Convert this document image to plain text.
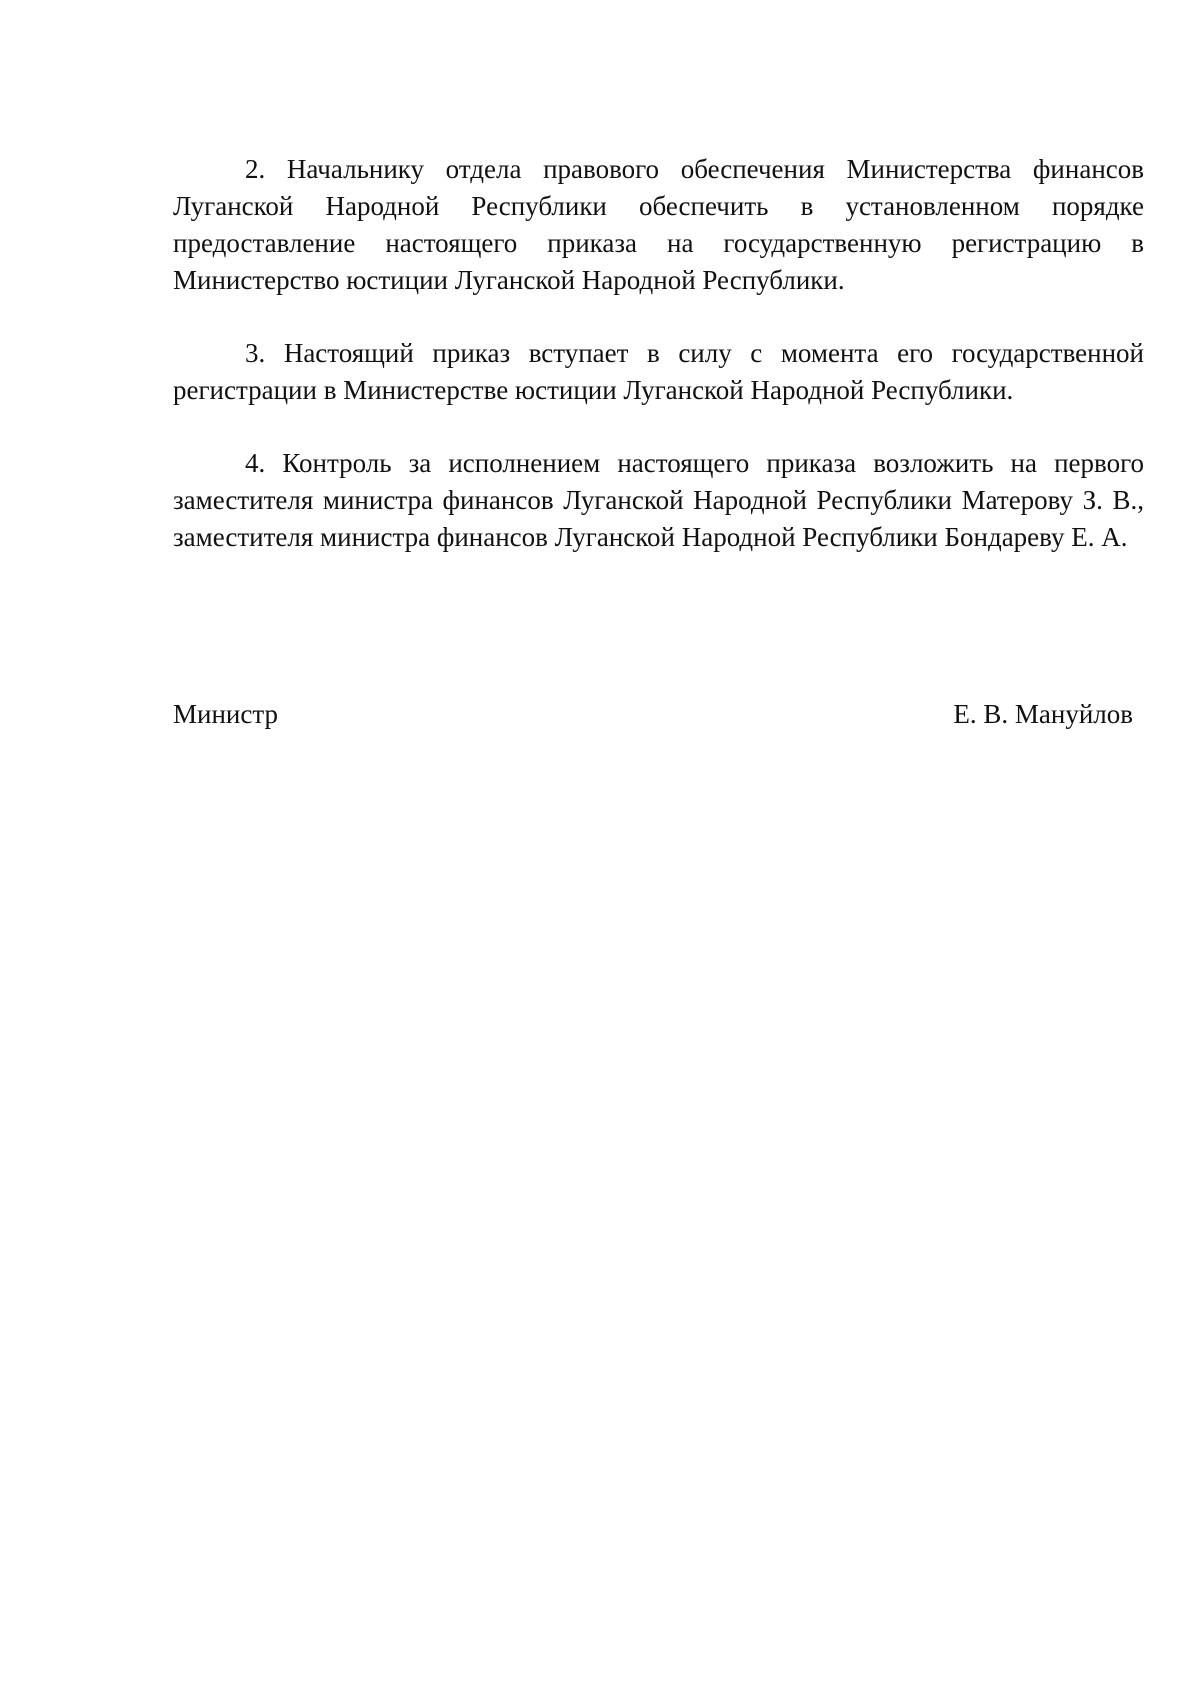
2. Начальнику отдела правового обеспечения Министерства финансов Луганской Народной Республики обеспечить в установленном порядке предоставление настоящего приказа на государственную регистрацию в Министерство юстиции Луганской Народной Республики.

3. Настоящий приказ вступает в силу с момента его государственной регистрации в Министерстве юстиции Луганской Народной Республики.

4. Контроль за исполнением настоящего приказа возложить на первого заместителя министра финансов Луганской Народной Республики Матерову З. В., заместителя министра финансов Луганской Народной Республики Бондареву Е. А.

Министр	Е. В. Мануйлов
